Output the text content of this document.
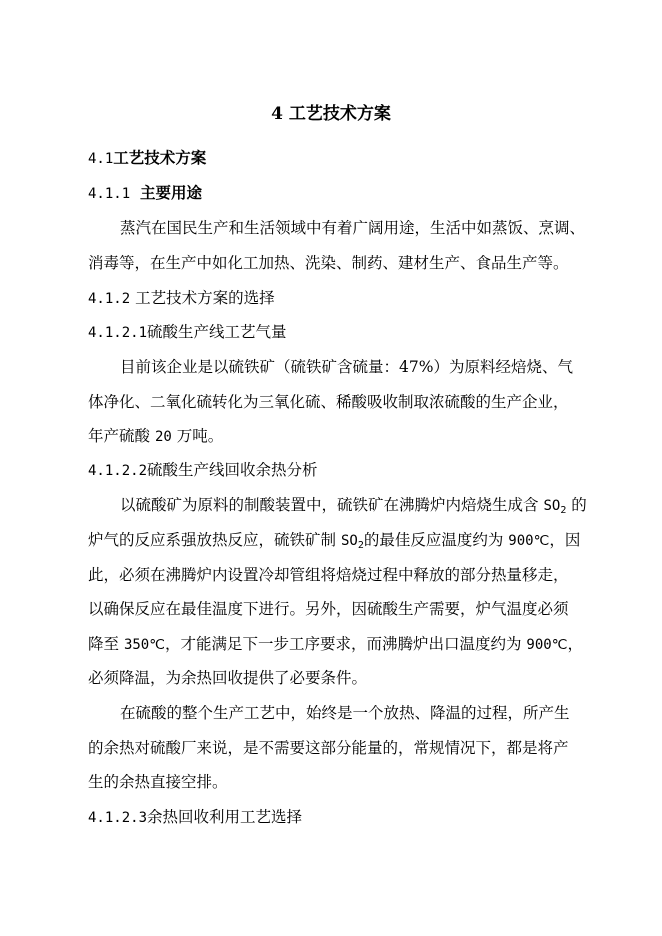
4 工艺技术方案
4.1工艺技术方案
4.1.1 主要用途
蒸汽在国民生产和生活领域中有着广阔用途，生活中如蒸饭、烹调、
消毒等，在生产中如化工加热、洗染、制药、建材生产、食品生产等。
4.1.2 工艺技术方案的选择
4.1.2.1硫酸生产线工艺气量
目前该企业是以硫铁矿（硫铁矿含硫量：47%）为原料经焙烧、气
体净化、二氧化硫转化为三氧化硫、稀酸吸收制取浓硫酸的生产企业，
年产硫酸 20 万吨。
4.1.2.2硫酸生产线回收余热分析
以硫酸矿为原料的制酸装置中，硫铁矿在沸腾炉内焙烧生成含 $SO_2$ 的
炉气的反应系强放热反应，硫铁矿制 $SO_2$的最佳反应温度约为 900℃，因
此，必须在沸腾炉内设置冷却管组将焙烧过程中释放的部分热量移走，
以确保反应在最佳温度下进行。另外，因硫酸生产需要，炉气温度必须
降至 350℃，才能满足下一步工序要求，而沸腾炉出口温度约为 900℃，
必须降温，为余热回收提供了必要条件。
在硫酸的整个生产工艺中，始终是一个放热、降温的过程，所产生
的余热对硫酸厂来说，是不需要这部分能量的，常规情况下，都是将产
生的余热直接空排。
4.1.2.3余热回收利用工艺选择
